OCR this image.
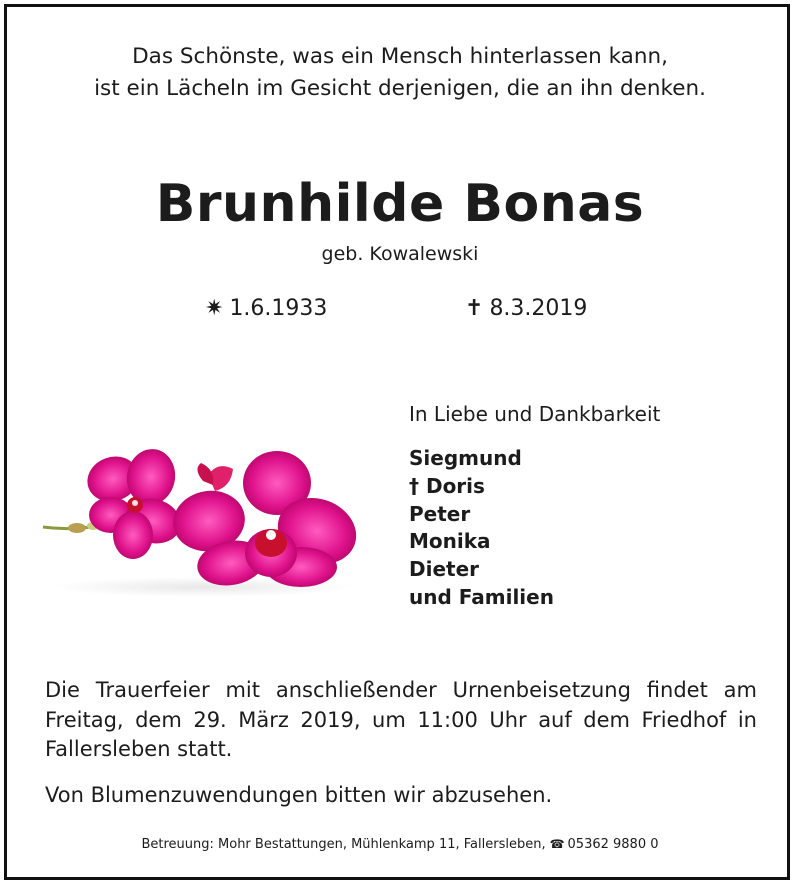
Das Schönste, was ein Mensch hinterlassen kann,
ist ein Lächeln im Gesicht derjenigen, die an ihn denken.
Brunhilde Bonas
geb. Kowalewski
✷ 1.6.1933	✝ 8.3.2019
In Liebe und Dankbarkeit
Siegmund
† Doris
Peter
Monika
Dieter
und Familien
Die Trauerfeier mit anschließender Urnenbeisetzung findet am Freitag, dem 29. März 2019, um 11:00 Uhr auf dem Friedhof in Fallersleben statt.
Von Blumenzuwendungen bitten wir abzusehen.
Betreuung: Mohr Bestattungen, Mühlenkamp 11, Fallersleben, ☎ 05362 9880 0
